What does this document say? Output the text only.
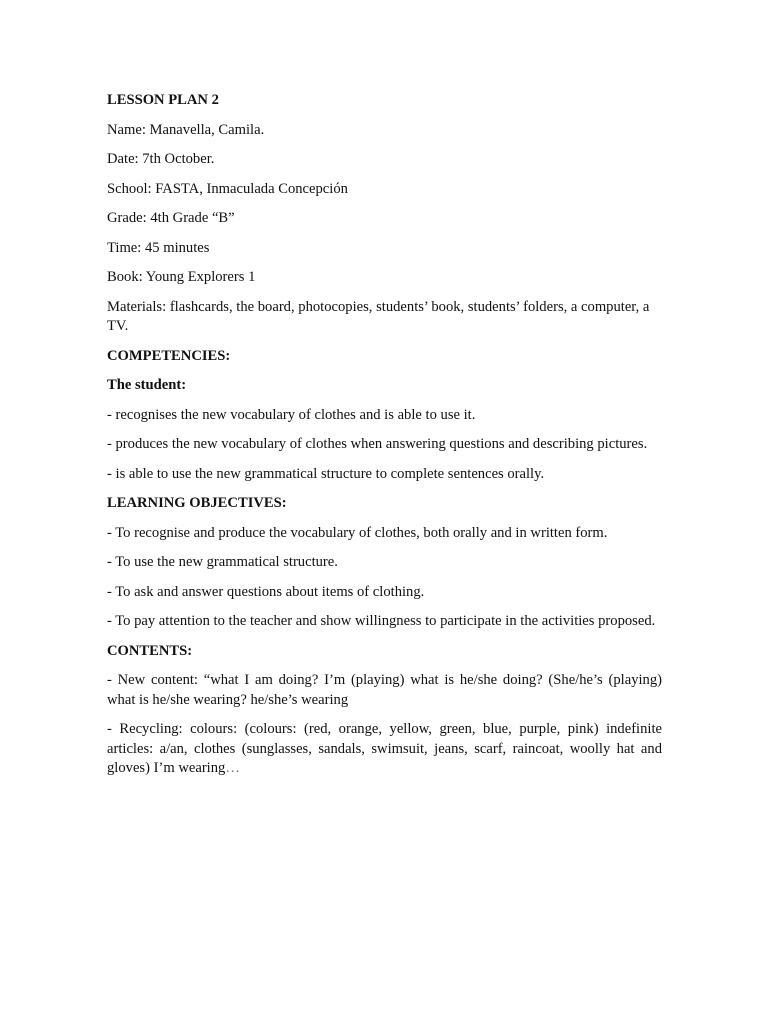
LESSON PLAN 2
Name: Manavella, Camila.
Date: 7th October.
School: FASTA, Inmaculada Concepción
Grade: 4th Grade “B”
Time: 45 minutes
Book: Young Explorers 1
Materials: flashcards, the board, photocopies, students’ book, students’ folders, a computer, a TV.
COMPETENCIES:
The student:
- recognises the new vocabulary of clothes and is able to use it.
- produces the new vocabulary of clothes when answering questions and describing pictures.
- is able to use the new grammatical structure to complete sentences orally.
LEARNING OBJECTIVES:
- To recognise and produce the vocabulary of clothes, both orally and in written form.
- To use the new grammatical structure.
- To ask and answer questions about items of clothing.
- To pay attention to the teacher and show willingness to participate in the activities proposed.
CONTENTS:
- New content: “what I am doing? I’m (playing) what is he/she doing? (She/he’s (playing) what is he/she wearing? he/she’s wearing
- Recycling: colours: (colours: (red, orange, yellow, green, blue, purple, pink) indefinite articles: a/an, clothes (sunglasses, sandals, swimsuit, jeans, scarf, raincoat, woolly hat and gloves) I’m wearing…
